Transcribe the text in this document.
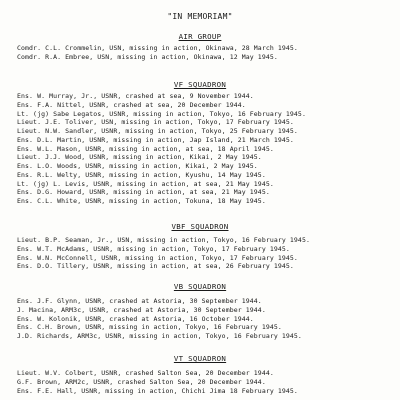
"IN MEMORIAM"
AIR GROUP
Comdr. C.L. Crommelin, USN, missing in action, Okinawa, 28 March 1945.
Comdr. R.A. Embree, USN, missing in action, Okinawa, 12 May 1945.
VF SQUADRON
Ens. W. Murray, Jr., USNR, crashed at sea, 9 November 1944.
Ens. F.A. Nittel, USNR, crashed at sea, 20 December 1944.
Lt. (jg) Sabe Legatos, USNR, missing in action, Tokyo, 16 February 1945.
Lieut. J.E. Toliver, USN, missing in action, Tokyo, 17 February 1945.
Lieut. N.W. Sandler, USNR, missing in action, Tokyo, 25 February 1945.
Ens. D.L. Martin, USNR, missing in action, Jap Island, 21 March 1945.
Ens. W.L. Mason, USNR, missing in action, at sea, 18 April 1945.
Lieut. J.J. Wood, USNR, missing in action, Kikai, 2 May 1945.
Ens. L.O. Woods, USNR, missing in action, Kikai, 2 May 1945.
Ens. R.L. Welty, USNR, missing in action, Kyushu, 14 May 1945.
Lt. (jg) L. Levis, USNR, missing in action, at sea, 21 May 1945.
Ens. D.G. Howard, USNR, missing in action, at sea, 21 May 1945.
Ens. C.L. White, USNR, missing in action, Tokuna, 18 May 1945.
VBF SQUADRON
Lieut. B.P. Seaman, Jr., USN, missing in action, Tokyo, 16 February 1945.
Ens. W.T. McAdams, USNR, missing in action, Tokyo, 17 February 1945.
Ens. W.N. McConnell, USNR, missing in action, Tokyo, 17 February 1945.
Ens. D.O. Tillery, USNR, missing in action, at sea, 26 February 1945.
VB SQUADRON
Ens. J.F. Glynn, USNR, crashed at Astoria, 30 September 1944.
J. Macina, ARM3c, USNR, crashed at Astoria, 30 September 1944.
Ens. W. Kolonik, USNR, crashed at Astoria, 16 October 1944.
Ens. C.H. Brown, USNR, missing in action, Tokyo, 16 February 1945.
J.D. Richards, ARM3c, USNR, missing in action, Tokyo, 16 February 1945.
VT SQUADRON
Lieut. W.V. Colbert, USNR, crashed Salton Sea, 20 December 1944.
G.F. Brown, ARM2c, USNR, crashed Salton Sea, 20 December 1944.
Ens. F.E. Hall, USNR, missing in action, Chichi Jima 18 February 1945.
